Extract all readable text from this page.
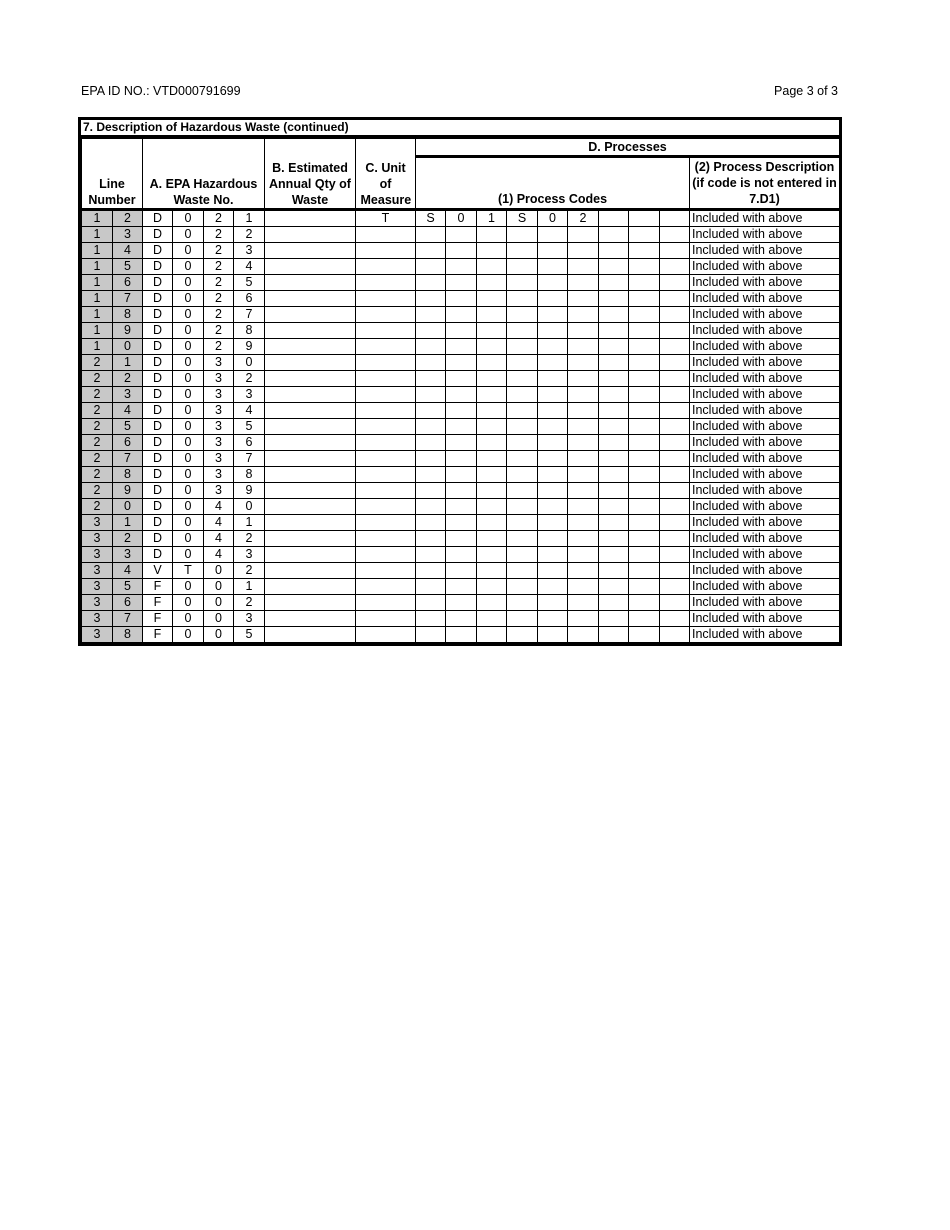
EPA ID NO.: VTD000791699	Page 3 of 3
7. Description of Hazardous Waste (continued)
Line Number		A. EPA Hazardous Waste No.				B. Estimated Annual Qty of Waste	C. Unit of Measure	D. Processes									
								(1) Process Codes									(2) Process Description (if code is not entered in 7.D1)

1	2	D	0	2	1		T	S	0	1	S	0	2				Included with above
1	3	D	0	2	2												Included with above
1	4	D	0	2	3												Included with above
1	5	D	0	2	4												Included with above
1	6	D	0	2	5												Included with above
1	7	D	0	2	6												Included with above
1	8	D	0	2	7												Included with above
1	9	D	0	2	8												Included with above
1	0	D	0	2	9												Included with above
2	1	D	0	3	0												Included with above
2	2	D	0	3	2												Included with above
2	3	D	0	3	3												Included with above
2	4	D	0	3	4												Included with above
2	5	D	0	3	5												Included with above
2	6	D	0	3	6												Included with above
2	7	D	0	3	7												Included with above
2	8	D	0	3	8												Included with above
2	9	D	0	3	9												Included with above
2	0	D	0	4	0												Included with above
3	1	D	0	4	1												Included with above
3	2	D	0	4	2												Included with above
3	3	D	0	4	3												Included with above
3	4	V	T	0	2												Included with above
3	5	F	0	0	1												Included with above
3	6	F	0	0	2												Included with above
3	7	F	0	0	3												Included with above
3	8	F	0	0	5												Included with above
